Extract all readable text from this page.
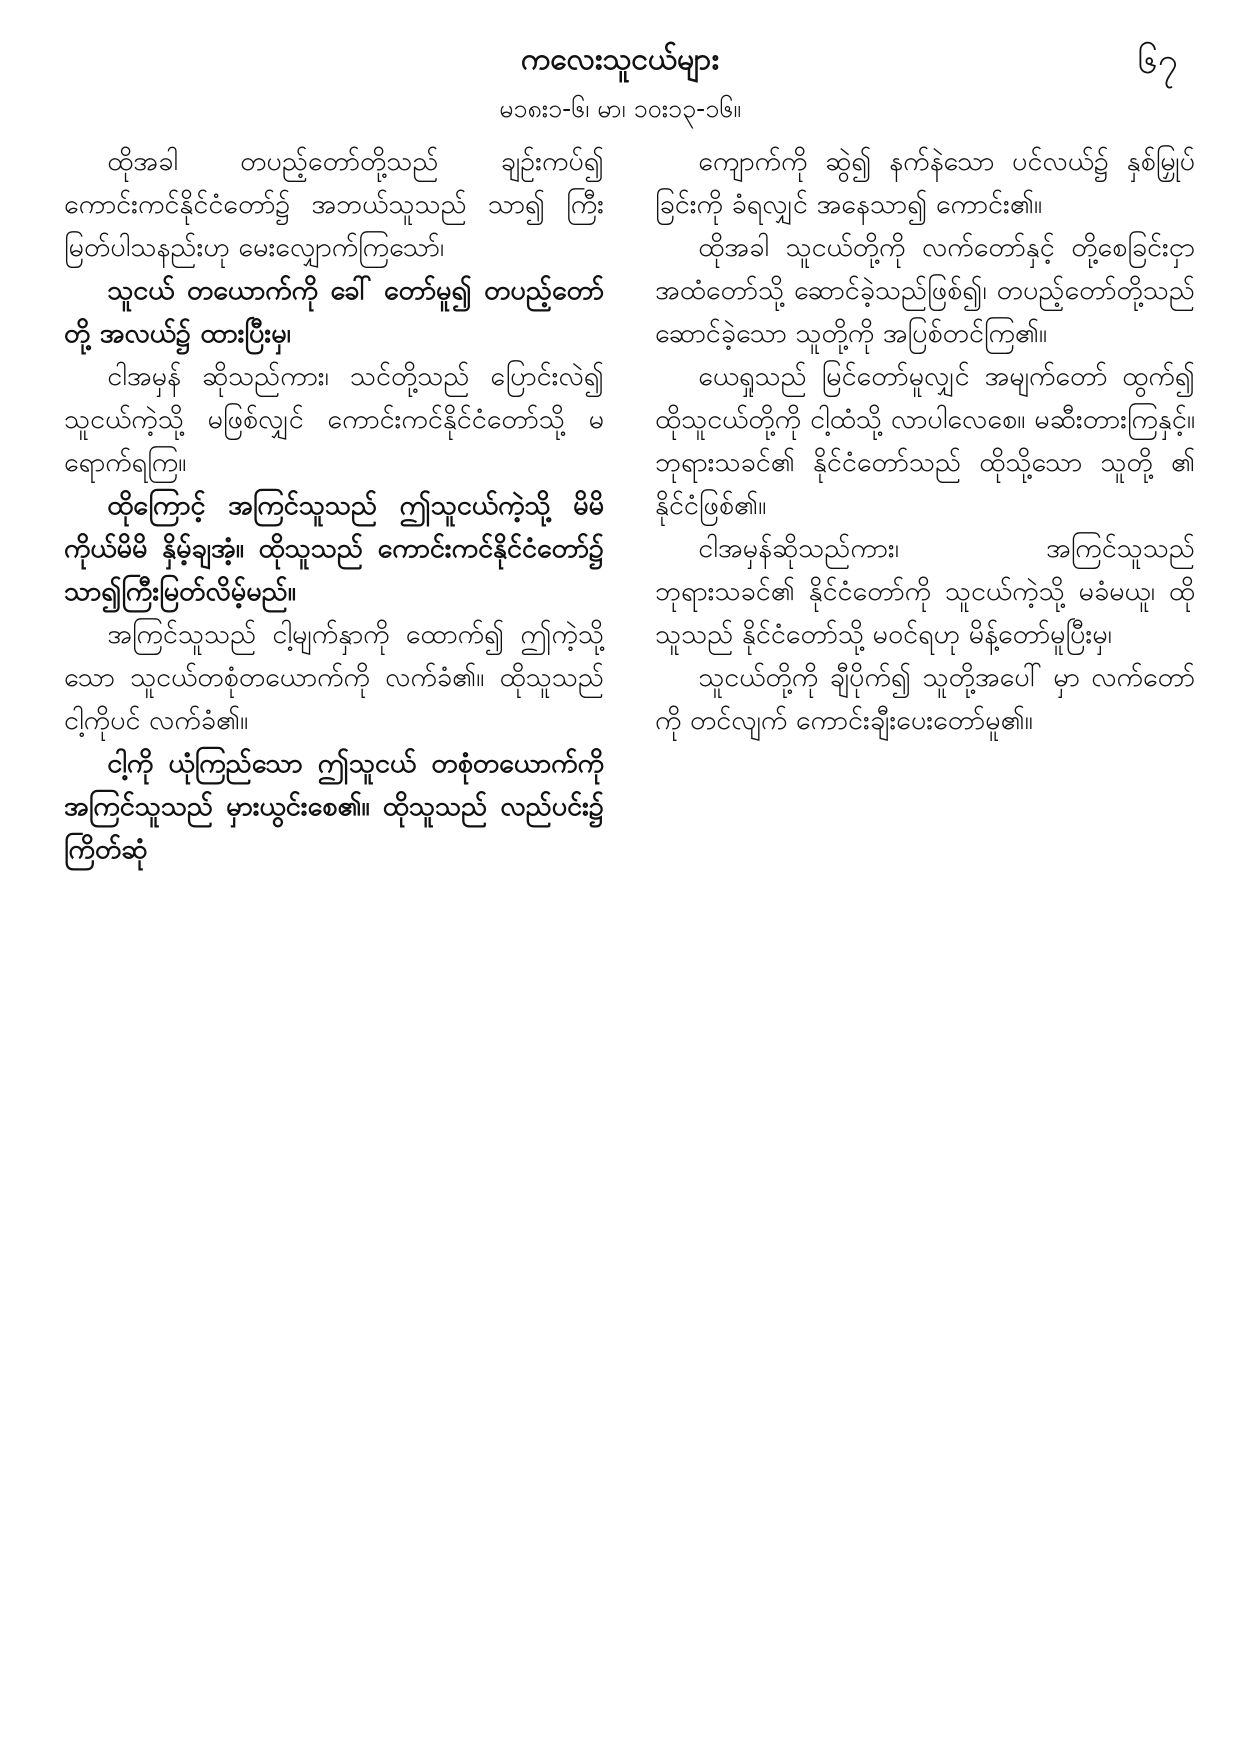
ကလေးသူငယ်များ	၆၇
မ၁၈း၁-၆၊ မာ၊ ၁၀း၁၃-၁၆။

ထိုအခါ တပည့်တော်တို့သည် ချဉ်းကပ်၍ ကောင်းကင်နိုင်ငံတော်၌ အဘယ်သူသည် သာ၍ ကြီးမြတ်ပါသနည်းဟု မေးလျှောက်ကြသော်၊

သူငယ် တယောက်ကို ခေါ် တော်မူ၍ တပည့်တော်တို့ အလယ်၌ ထားပြီးမှ၊

ငါအမှန် ဆိုသည်ကား၊ သင်တို့သည် ပြောင်းလဲ၍ သူငယ်ကဲ့သို့ မဖြစ်လျှင် ကောင်းကင်နိုင်ငံတော်သို့ မရောက်ရကြ။

ထိုကြောင့် အကြင်သူသည် ဤသူငယ်ကဲ့သို့ မိမိကိုယ်မိမိ နှိမ့်ချအံ့။ ထိုသူသည် ကောင်းကင်နိုင်ငံတော်၌ သာ၍ကြီးမြတ်လိမ့်မည်။

အကြင်သူသည် ငါ့မျက်နှာကို ထောက်၍ ဤကဲ့သို့သော သူငယ်တစုံတယောက်ကို လက်ခံ၏။ ထိုသူသည် ငါ့ကိုပင် လက်ခံ၏။

ငါ့ကို ယုံကြည်သော ဤသူငယ် တစုံတယောက်ကို အကြင်သူသည် မှားယွင်းစေ၏။ ထိုသူသည် လည်ပင်း၌ ကြိတ်ဆုံ

ကျောက်ကို ဆွဲ၍ နက်နဲသော ပင်လယ်၌ နှစ်မြှုပ်ခြင်းကို ခံရလျှင် အနေသာ၍ ကောင်း၏။

ထိုအခါ သူငယ်တို့ကို လက်တော်နှင့် တို့စေခြင်းငှာ အထံတော်သို့ ဆောင်ခဲ့သည်ဖြစ်၍၊ တပည့်တော်တို့သည် ဆောင်ခဲ့သော သူတို့ကို အပြစ်တင်ကြ၏။

ယေရှုသည် မြင်တော်မူလျှင် အမျက်တော် ထွက်၍ ထိုသူငယ်တို့ကို ငါ့ထံသို့ လာပါလေစေ။ မဆီးတားကြနှင့်။ ဘုရားသခင်၏ နိုင်ငံတော်သည် ထိုသို့သော သူတို့ ၏ နိုင်ငံဖြစ်၏။

ငါအမှန်ဆိုသည်ကား၊ အကြင်သူသည် ဘုရားသခင်၏ နိုင်ငံတော်ကို သူငယ်ကဲ့သို့ မခံမယူ၊ ထိုသူသည် နိုင်ငံတော်သို့ မဝင်ရဟု မိန့်တော်မူပြီးမှ၊

သူငယ်တို့ကို ချီပိုက်၍ သူတို့အပေါ် မှာ လက်တော်ကို တင်လျက် ကောင်းချီးပေးတော်မူ၏။
